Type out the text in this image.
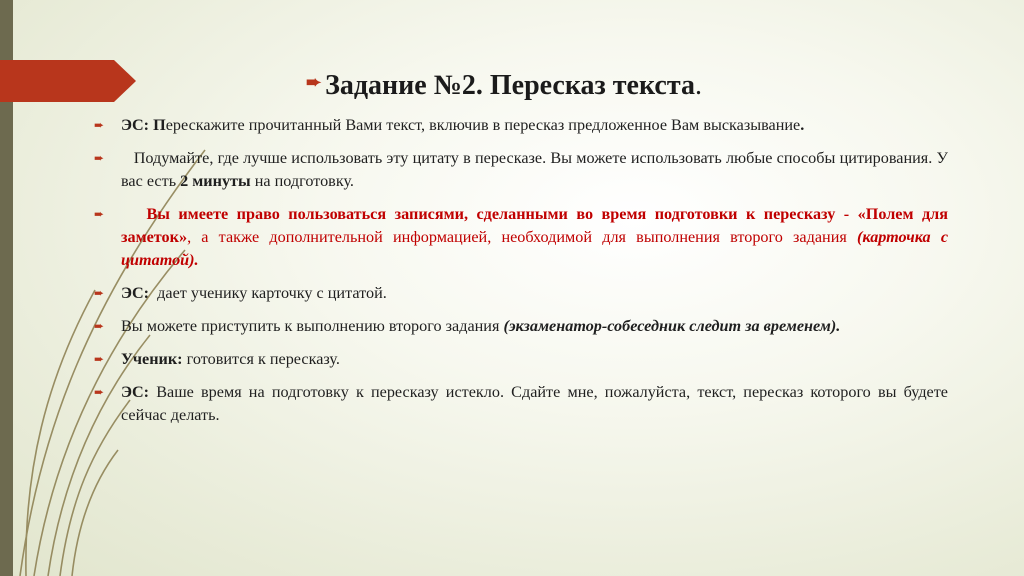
➨ Задание №2. Пересказ текста.
➨ ЭС: Перескажите прочитанный Вами текст, включив в пересказ предложенное Вам высказывание.
➨ Подумайте, где лучше использовать эту цитату в пересказе. Вы можете использовать любые способы цитирования. У вас есть 2 минуты на подготовку.
➨ Вы имеете право пользоваться записями, сделанными во время подготовки к пересказу - «Полем для заметок», а также дополнительной информацией, необходимой для выполнения второго задания (карточка с цитатой).
➨ ЭС:  дает ученику карточку с цитатой.
➨ Вы можете приступить к выполнению второго задания (экзаменатор-собеседник следит за временем).
➨ Ученик: готовится к пересказу.
➨ ЭС: Ваше время на подготовку к пересказу истекло. Сдайте мне, пожалуйста, текст, пересказ которого вы будете сейчас делать.
